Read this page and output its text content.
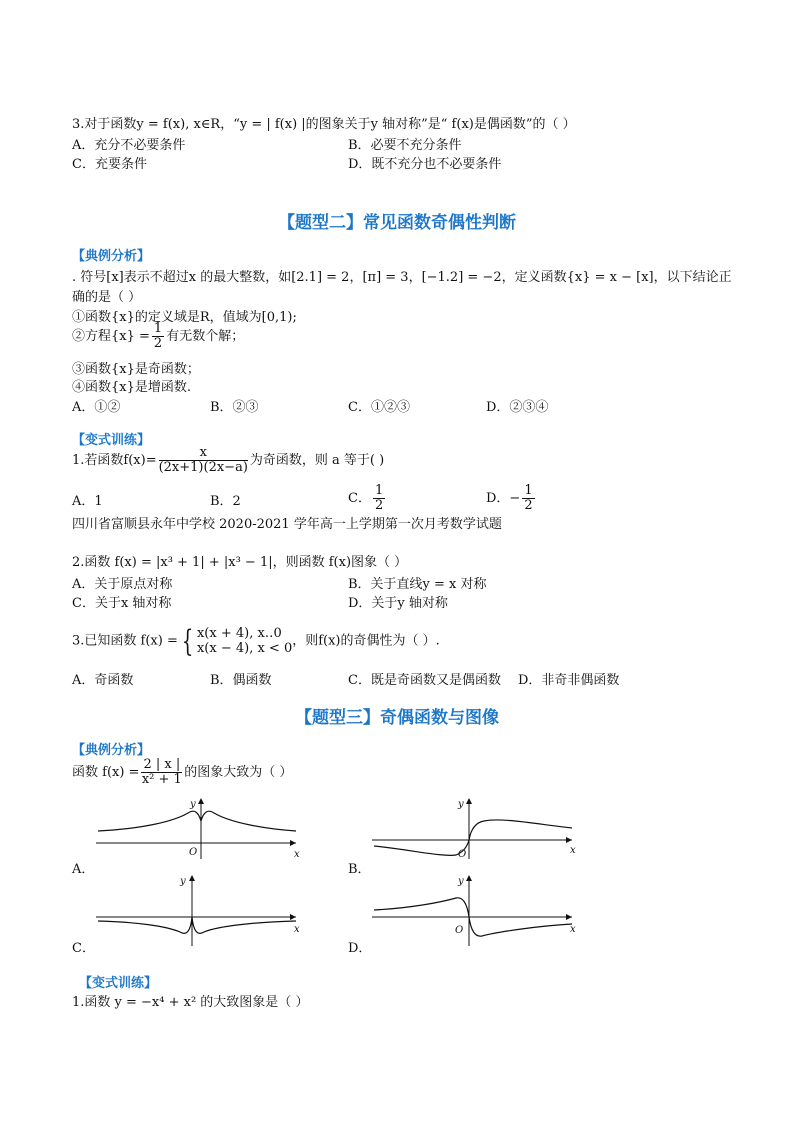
3.对于函数y = f(x), x∈R，“y = | f(x) |的图象关于y 轴对称”是“ f(x)是偶函数”的（ ）
A．充分不必要条件	B．必要不充分条件
C．充要条件	D．既不充分也不必要条件
【题型二】常见函数奇偶性判断
【典例分析】
. 符号[x]表示不超过x 的最大整数，如[2.1] = 2，[π] = 3，[−1.2] = −2，定义函数{x} = x − [x]，以下结论正
确的是（ ）
①函数{x}的定义域是R，值域为[0,1);
②方程$\{x\} = \frac{1}{2}$ 有无数个解；
③函数{x}是奇函数；
④函数{x}是增函数.
A．①②	B．②③	C．①②③	D．②③④
【变式训练】
1.若函数$f(x)= \frac{x}{(2x+1)(2x-a)}$ 为奇函数，则 a 等于( )
A．1	B．2	C． $\frac{1}{2}$	D．− $\frac{1}{2}$
四川省富顺县永年中学校 2020-2021 学年高一上学期第一次月考数学试题
2.函数 f(x) = |x³ + 1| + |x³ − 1|，则函数 f(x)图象（ ）
A．关于原点对称	B．关于直线y = x 对称
C．关于x 轴对称	D．关于y 轴对称
3.已知函数 f(x) = { x(x + 4), x‥0
x(x − 4), x < 0 ，则f(x)的奇偶性为（ ）.
A．奇函数	B．偶函数	C．既是奇函数又是偶函数 D．非奇非偶函数
【题型三】奇偶函数与图像
【典例分析】
函数 $f(x) = \frac{2 | x |}{\text{x² + 1}}$ 的图象大致为（ ）
A．	B．
C．	D．
y
x
O
y
x
O
y
x
y
x
O
【变式训练】
1.函数 y = −x⁴ + x² 的大致图象是（ ）
